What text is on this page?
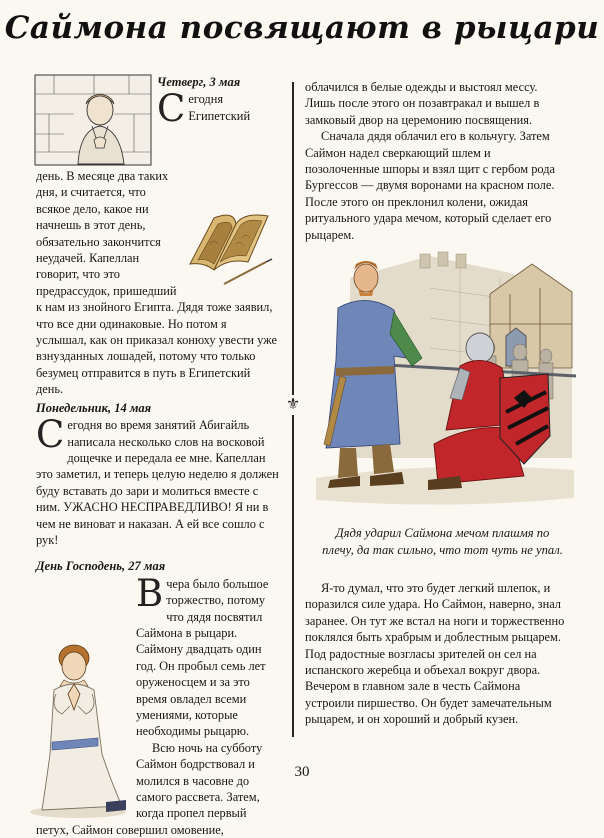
Саймона посвящают в рыцари
Четверг, 3 мая

С егодня Египетский день. В месяце два таких дня, и считается, что всякое дело, какое ни начнешь в этот день, обязательно закончится неудачей. Капеллан говорит, что это предрассудок, пришедший к нам из знойного Египта. Дядя тоже заявил, что все дни одинаковые. Но потом я услышал, как он приказал конюху увести уже взнузданных лошадей, потому что только безумец отправится в путь в Египетский день.

Понедельник, 14 мая

С егодня во время занятий Абигайль написала несколько слов на восковой дощечке и передала ее мне. Капеллан это заметил, и теперь целую неделю я должен буду вставать до зари и молиться вместе с ним. УЖАСНО НЕСПРАВЕДЛИВО! Я ни в чем не виноват и наказан. А ей все сошло с рук!

День Господень, 27 мая

В чера было большое торжество, потому что дядя посвятил Саймона в рыцари. Саймону двадцать один год. Он пробыл семь лет оруженосцем и за это время овладел всеми умениями, которые необходимы рыцарю.

Всю ночь на субботу Саймон бодрствовал и молился в часовне до самого рассвета. Затем, когда пропел первый петух, Саймон совершил омовение,

⚜

облачился в белые одежды и выстоял мессу. Лишь после этого он позавтракал и вышел в замковый двор на церемонию посвящения.

Сначала дядя облачил его в кольчугу. Затем Саймон надел сверкающий шлем и позолоченные шпоры и взял щит с гербом рода Бургессов — двумя воронами на красном поле. После этого он преклонил колени, ожидая ритуального удара мечом, который сделает его рыцарем.

Дядя ударил Саймона мечом плашмя по плечу, да так сильно, что тот чуть не упал.

Я-то думал, что это будет легкий шлепок, и поразился силе удара. Но Саймон, наверно, знал заранее. Он тут же встал на ноги и торжественно поклялся быть храбрым и доблестным рыцарем. Под радостные возгласы зрителей он сел на испанского жеребца и объехал вокруг двора. Вечером в главном зале в честь Саймона устроили пиршество. Он будет замечательным рыцарем, и он хороший и добрый кузен.

30
